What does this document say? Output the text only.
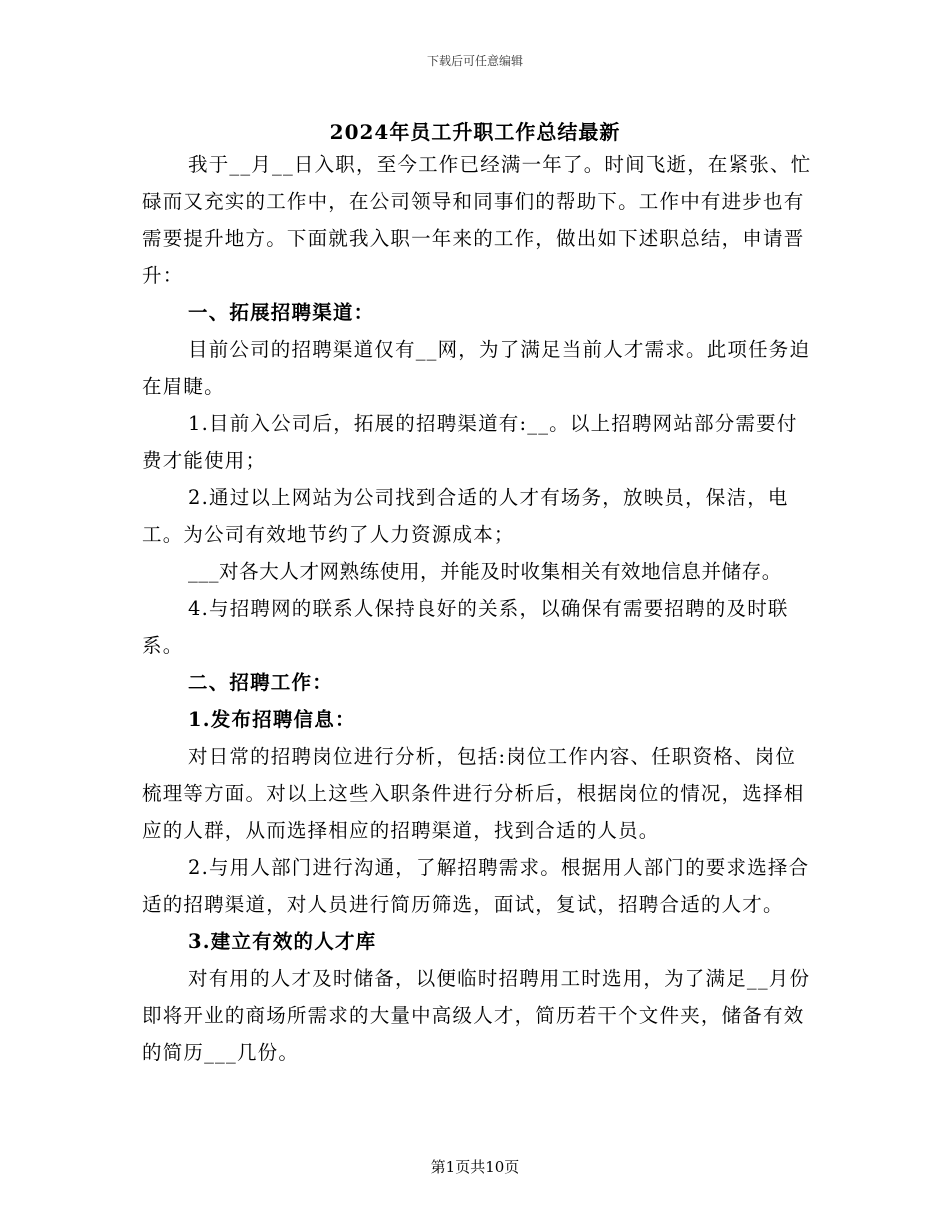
下载后可任意编辑
2024年员工升职工作总结最新

我于__月__日入职，至今工作已经满一年了。时间飞逝，在紧张、忙碌而又充实的工作中，在公司领导和同事们的帮助下。工作中有进步也有需要提升地方。下面就我入职一年来的工作，做出如下述职总结，申请晋升：

一、拓展招聘渠道：

目前公司的招聘渠道仅有__网，为了满足当前人才需求。此项任务迫在眉睫。

1.目前入公司后，拓展的招聘渠道有:__。以上招聘网站部分需要付费才能使用；

2.通过以上网站为公司找到合适的人才有场务，放映员，保洁，电工。为公司有效地节约了人力资源成本；

___对各大人才网熟练使用，并能及时收集相关有效地信息并储存。

4.与招聘网的联系人保持良好的关系，以确保有需要招聘的及时联系。

二、招聘工作：

1.发布招聘信息：

对日常的招聘岗位进行分析，包括:岗位工作内容、任职资格、岗位梳理等方面。对以上这些入职条件进行分析后，根据岗位的情况，选择相应的人群，从而选择相应的招聘渠道，找到合适的人员。

2.与用人部门进行沟通，了解招聘需求。根据用人部门的要求选择合适的招聘渠道，对人员进行简历筛选，面试，复试，招聘合适的人才。

3.建立有效的人才库

对有用的人才及时储备，以便临时招聘用工时选用，为了满足__月份即将开业的商场所需求的大量中高级人才，简历若干个文件夹，储备有效的简历___几份。

第1页共10页
